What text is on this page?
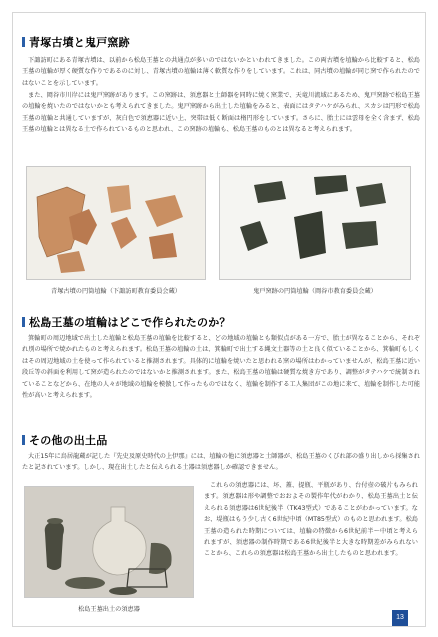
青塚古墳と鬼戸窯跡
下諏訪町にある青塚古墳は、以前から松島王墓との共通点が多いのではないかといわれてきました。この両古墳を埴輪から比較すると、松島王墓の埴輪が厚く硬質な作りであるのに対し、青塚古墳の埴輪は薄く軟質な作りをしています。これは、同古墳の埴輪が同じ窯で作られたのではないことを示しています。
また、岡谷市川岸には鬼戸窯跡があります。この窯跡は、須恵器と土師器を同時に焼く窯業で、天竜川流域にあるため、鬼戸窯跡で松島王墓の埴輪を焼いたのではないかとも考えられてきました。鬼戸窯跡から出土した埴輪をみると、表面にはタテハケがみられ、スカシは円形で松島王墓の埴輪と共通していますが、灰白色で須恵器に近い上、突帯は低く断面は楕円形をしています。さらに、胎土には雲母を全く含まず、松島王墓の埴輪とは異なる土で作られているものと思われ、この窯跡の埴輪も、松島王墓のものとは異なると考えられます。
青塚古墳の円筒埴輪（下諏訪町教育委員会蔵）	鬼戸窯跡の円筒埴輪（岡谷市教育委員会蔵）
松島王墓の埴輪はどこで作られたのか？
箕輪町の周辺地域で出土した埴輪と松島王墓の埴輪を比較すると、どの地域の埴輪とも類似点がある一方で、胎土が異なることから、それぞれ別の場所で焼かれたものと考えられます。松島王墓の埴輪の土は、箕輪町で出土する縄文土器等の土と良く似ていることから、箕輪町もしくはその周辺地域の土を使って作られていると推測されます。具体的に埴輪を焼いたと思われる窯の場所はわかっていませんが、松島王墓に近い段丘等の斜面を利用して窯が造られたのではないかと推測されます。また、松島王墓の埴輪は硬質な焼き方であり、調整がタテハケで統制されていることなどから、在地の人々が地域の埴輪を模倣して作ったものではなく、埴輪を制作する工人集団がこの地に来て、埴輪を制作した可能性が高いと考えられます。
その他の出土品
大正15年に鳥居龍蔵が記した『先史及原史時代の上伊那』には、埴輪の他に須恵器と土師器が、松島王墓のくびれ部の盛り出しから採集されたと記されています。しかし、現在出土したと伝えられる土器は須恵器しか確認できません。
松島王墓出土の須恵器
これらの須恵器には、坏、蓋、提瓶、平瓶があり、台付壺の破片もみられます。須恵器は形や調整でおおよその製作年代がわかり、松島王墓出土と伝えられる須恵器は6世紀後半（TK43型式）であることがわかっています。なお、堤瓶はもう少し古く6世紀中頃（MT85型式）のものと思われます。松島王墓の造られた時期については、埴輪の特徴から6世紀前半〜中頃と考えられますが、須恵器の制作時期である6世紀後半と大きな時期差がみられないことから、これらの須恵器は松島王墓から出土したものと思われます。
13
